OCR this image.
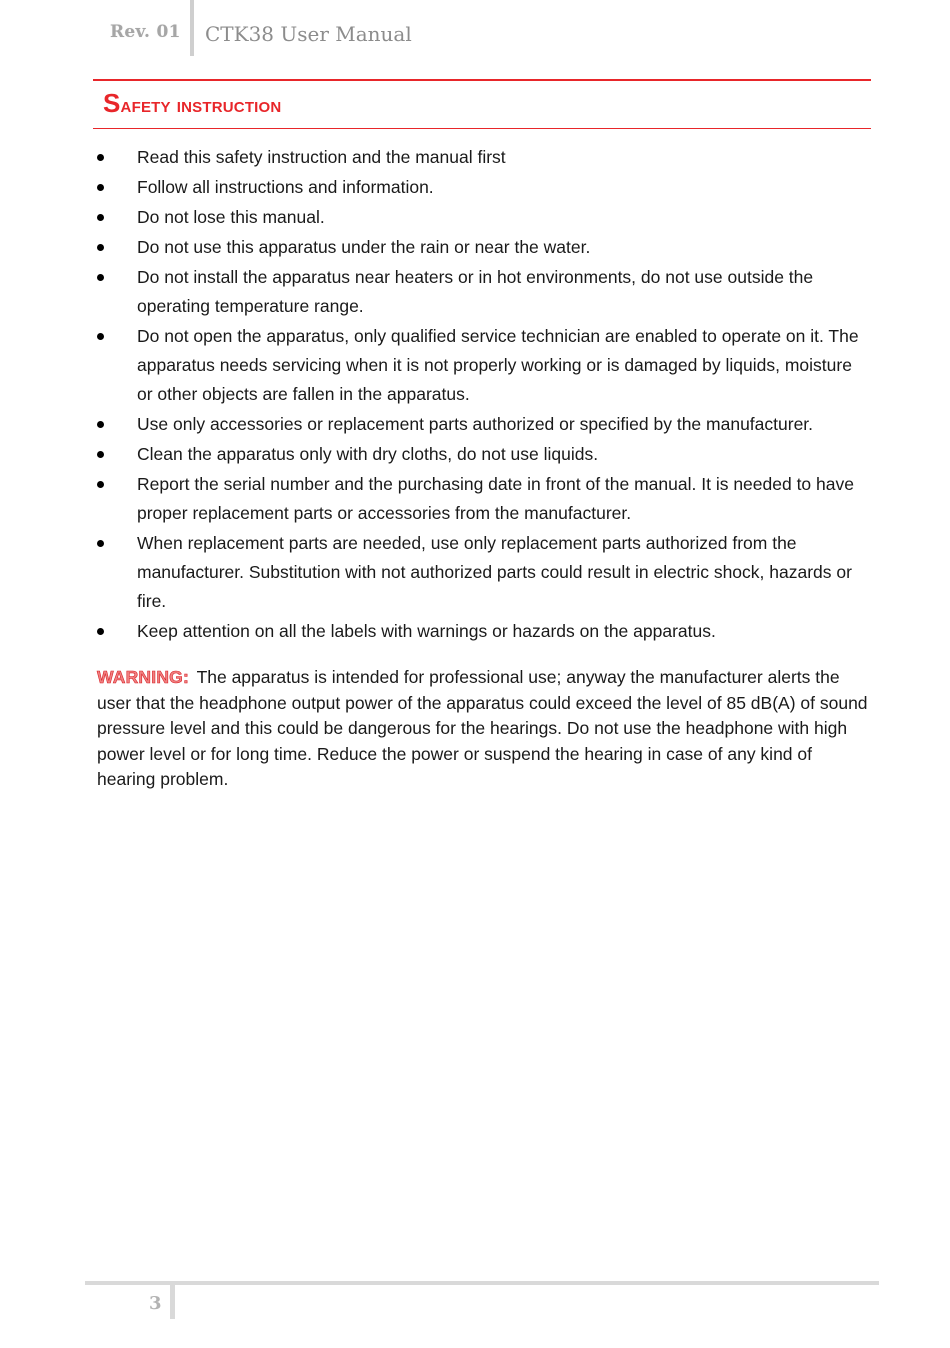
Rev. 01 CTK38 User Manual
Safety instruction
Read this safety instruction and the manual first
Follow all instructions and information.
Do not lose this manual.
Do not use this apparatus under the rain or near the water.
Do not install the apparatus near heaters or in hot environments, do not use outside the operating temperature range.
Do not open the apparatus, only qualified service technician are enabled to operate on it. The apparatus needs servicing when it is not properly working or is damaged by liquids, moisture or other objects are fallen in the apparatus.
Use only accessories or replacement parts authorized or specified by the manufacturer.
Clean the apparatus only with dry cloths, do not use liquids.
Report the serial number and the purchasing date in front of the manual. It is needed to have proper replacement parts or accessories from the manufacturer.
When replacement parts are needed, use only replacement parts authorized from the manufacturer. Substitution with not authorized parts could result in electric shock, hazards or fire.
Keep attention on all the labels with warnings or hazards on the apparatus.

WARNING: The apparatus is intended for professional use; anyway the manufacturer alerts the user that the headphone output power of the apparatus could exceed the level of 85 dB(A) of sound pressure level and this could be dangerous for the hearings. Do not use the headphone with high power level or for long time. Reduce the power or suspend the hearing in case of any kind of hearing problem.

3
